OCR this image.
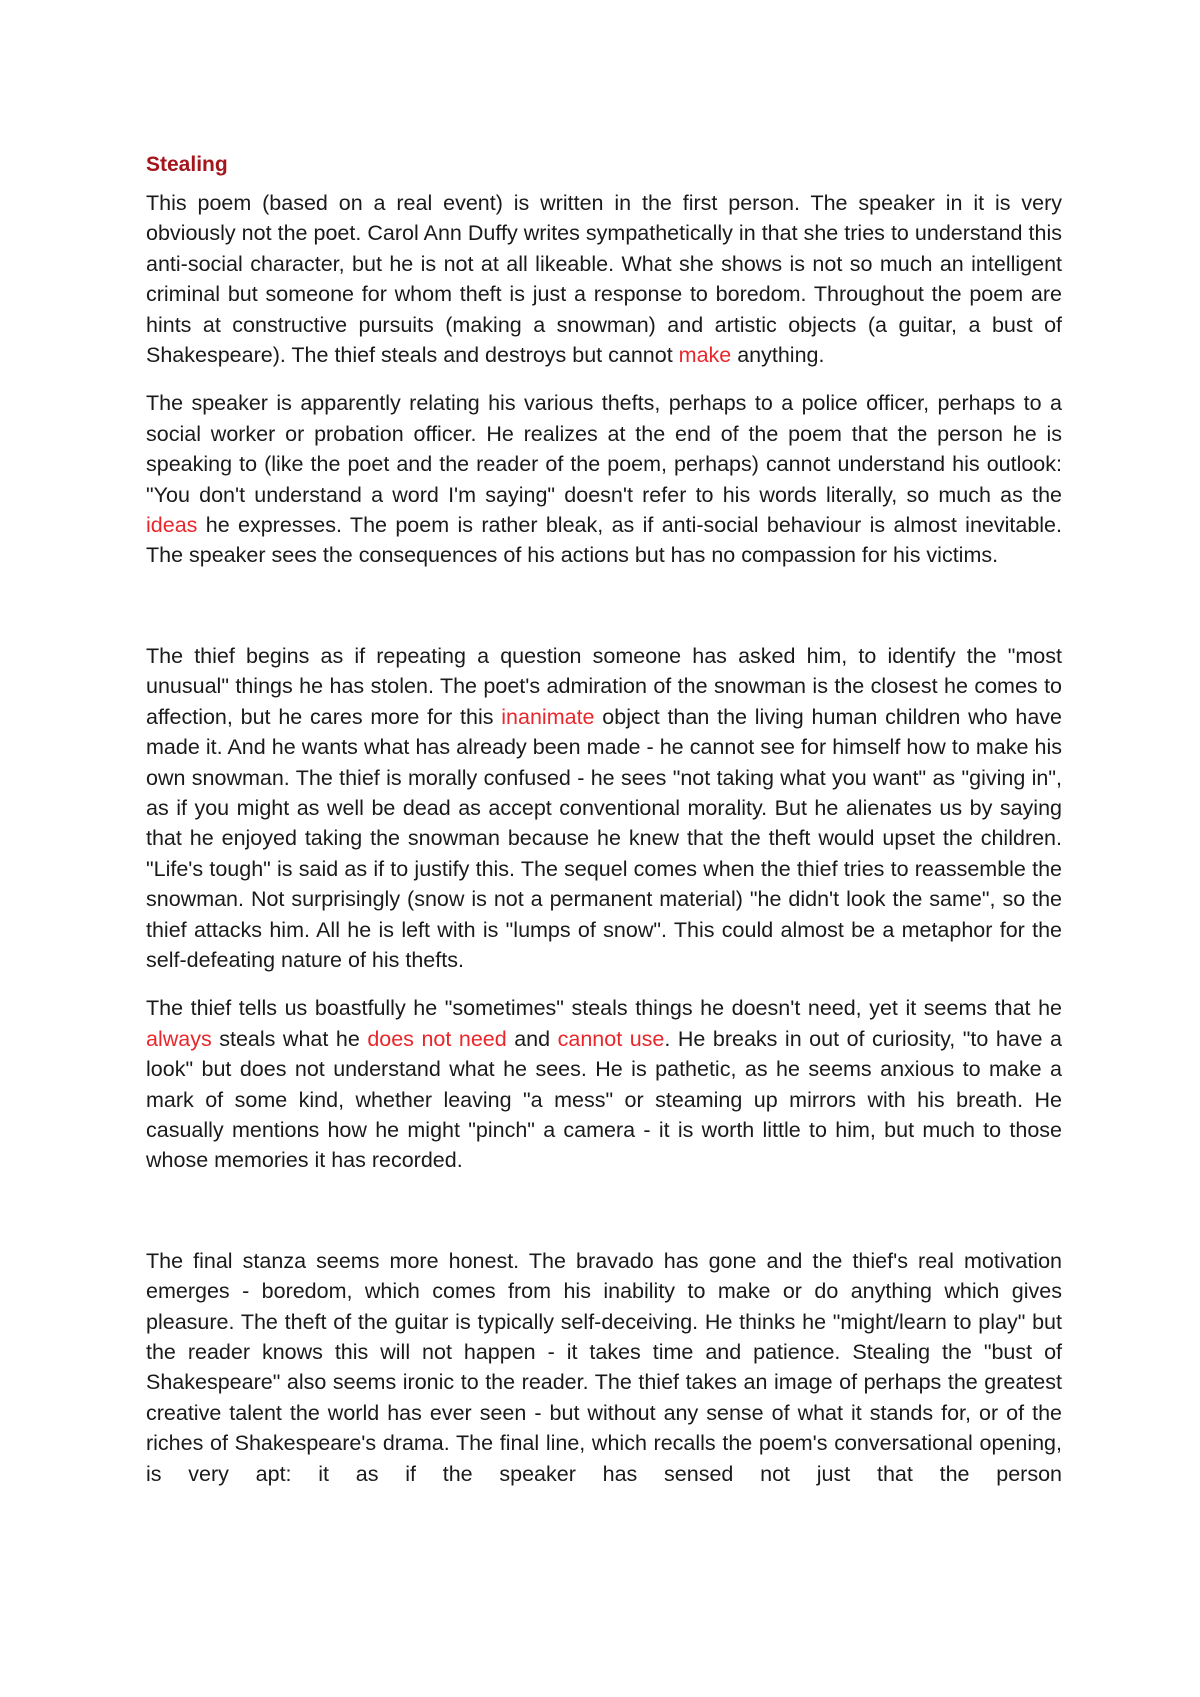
Stealing

This poem (based on a real event) is written in the first person. The speaker in it is very obviously not the poet. Carol Ann Duffy writes sympathetically in that she tries to understand this anti-social character, but he is not at all likeable. What she shows is not so much an intelligent criminal but someone for whom theft is just a response to boredom. Throughout the poem are hints at constructive pursuits (making a snowman) and artistic objects (a guitar, a bust of Shakespeare). The thief steals and destroys but cannot make anything.

The speaker is apparently relating his various thefts, perhaps to a police officer, perhaps to a social worker or probation officer. He realizes at the end of the poem that the person he is speaking to (like the poet and the reader of the poem, perhaps) cannot understand his outlook: "You don't understand a word I'm saying" doesn't refer to his words literally, so much as the ideas he expresses. The poem is rather bleak, as if anti-social behaviour is almost inevitable. The speaker sees the consequences of his actions but has no compassion for his victims.

The thief begins as if repeating a question someone has asked him, to identify the "most unusual" things he has stolen. The poet's admiration of the snowman is the closest he comes to affection, but he cares more for this inanimate object than the living human children who have made it. And he wants what has already been made - he cannot see for himself how to make his own snowman. The thief is morally confused - he sees "not taking what you want" as "giving in", as if you might as well be dead as accept conventional morality. But he alienates us by saying that he enjoyed taking the snowman because he knew that the theft would upset the children. "Life's tough" is said as if to justify this. The sequel comes when the thief tries to reassemble the snowman. Not surprisingly (snow is not a permanent material) "he didn't look the same", so the thief attacks him. All he is left with is "lumps of snow". This could almost be a metaphor for the self-defeating nature of his thefts.

The thief tells us boastfully he "sometimes" steals things he doesn't need, yet it seems that he always steals what he does not need and cannot use. He breaks in out of curiosity, "to have a look" but does not understand what he sees. He is pathetic, as he seems anxious to make a mark of some kind, whether leaving "a mess" or steaming up mirrors with his breath. He casually mentions how he might "pinch" a camera - it is worth little to him, but much to those whose memories it has recorded.

The final stanza seems more honest. The bravado has gone and the thief's real motivation emerges - boredom, which comes from his inability to make or do anything which gives pleasure. The theft of the guitar is typically self-deceiving. He thinks he "might/learn to play" but the reader knows this will not happen - it takes time and patience. Stealing the "bust of Shakespeare" also seems ironic to the reader. The thief takes an image of perhaps the greatest creative talent the world has ever seen - but without any sense of what it stands for, or of the riches of Shakespeare's drama. The final line, which recalls the poem's conversational opening, is very apt: it as if the speaker has sensed not just that the person
